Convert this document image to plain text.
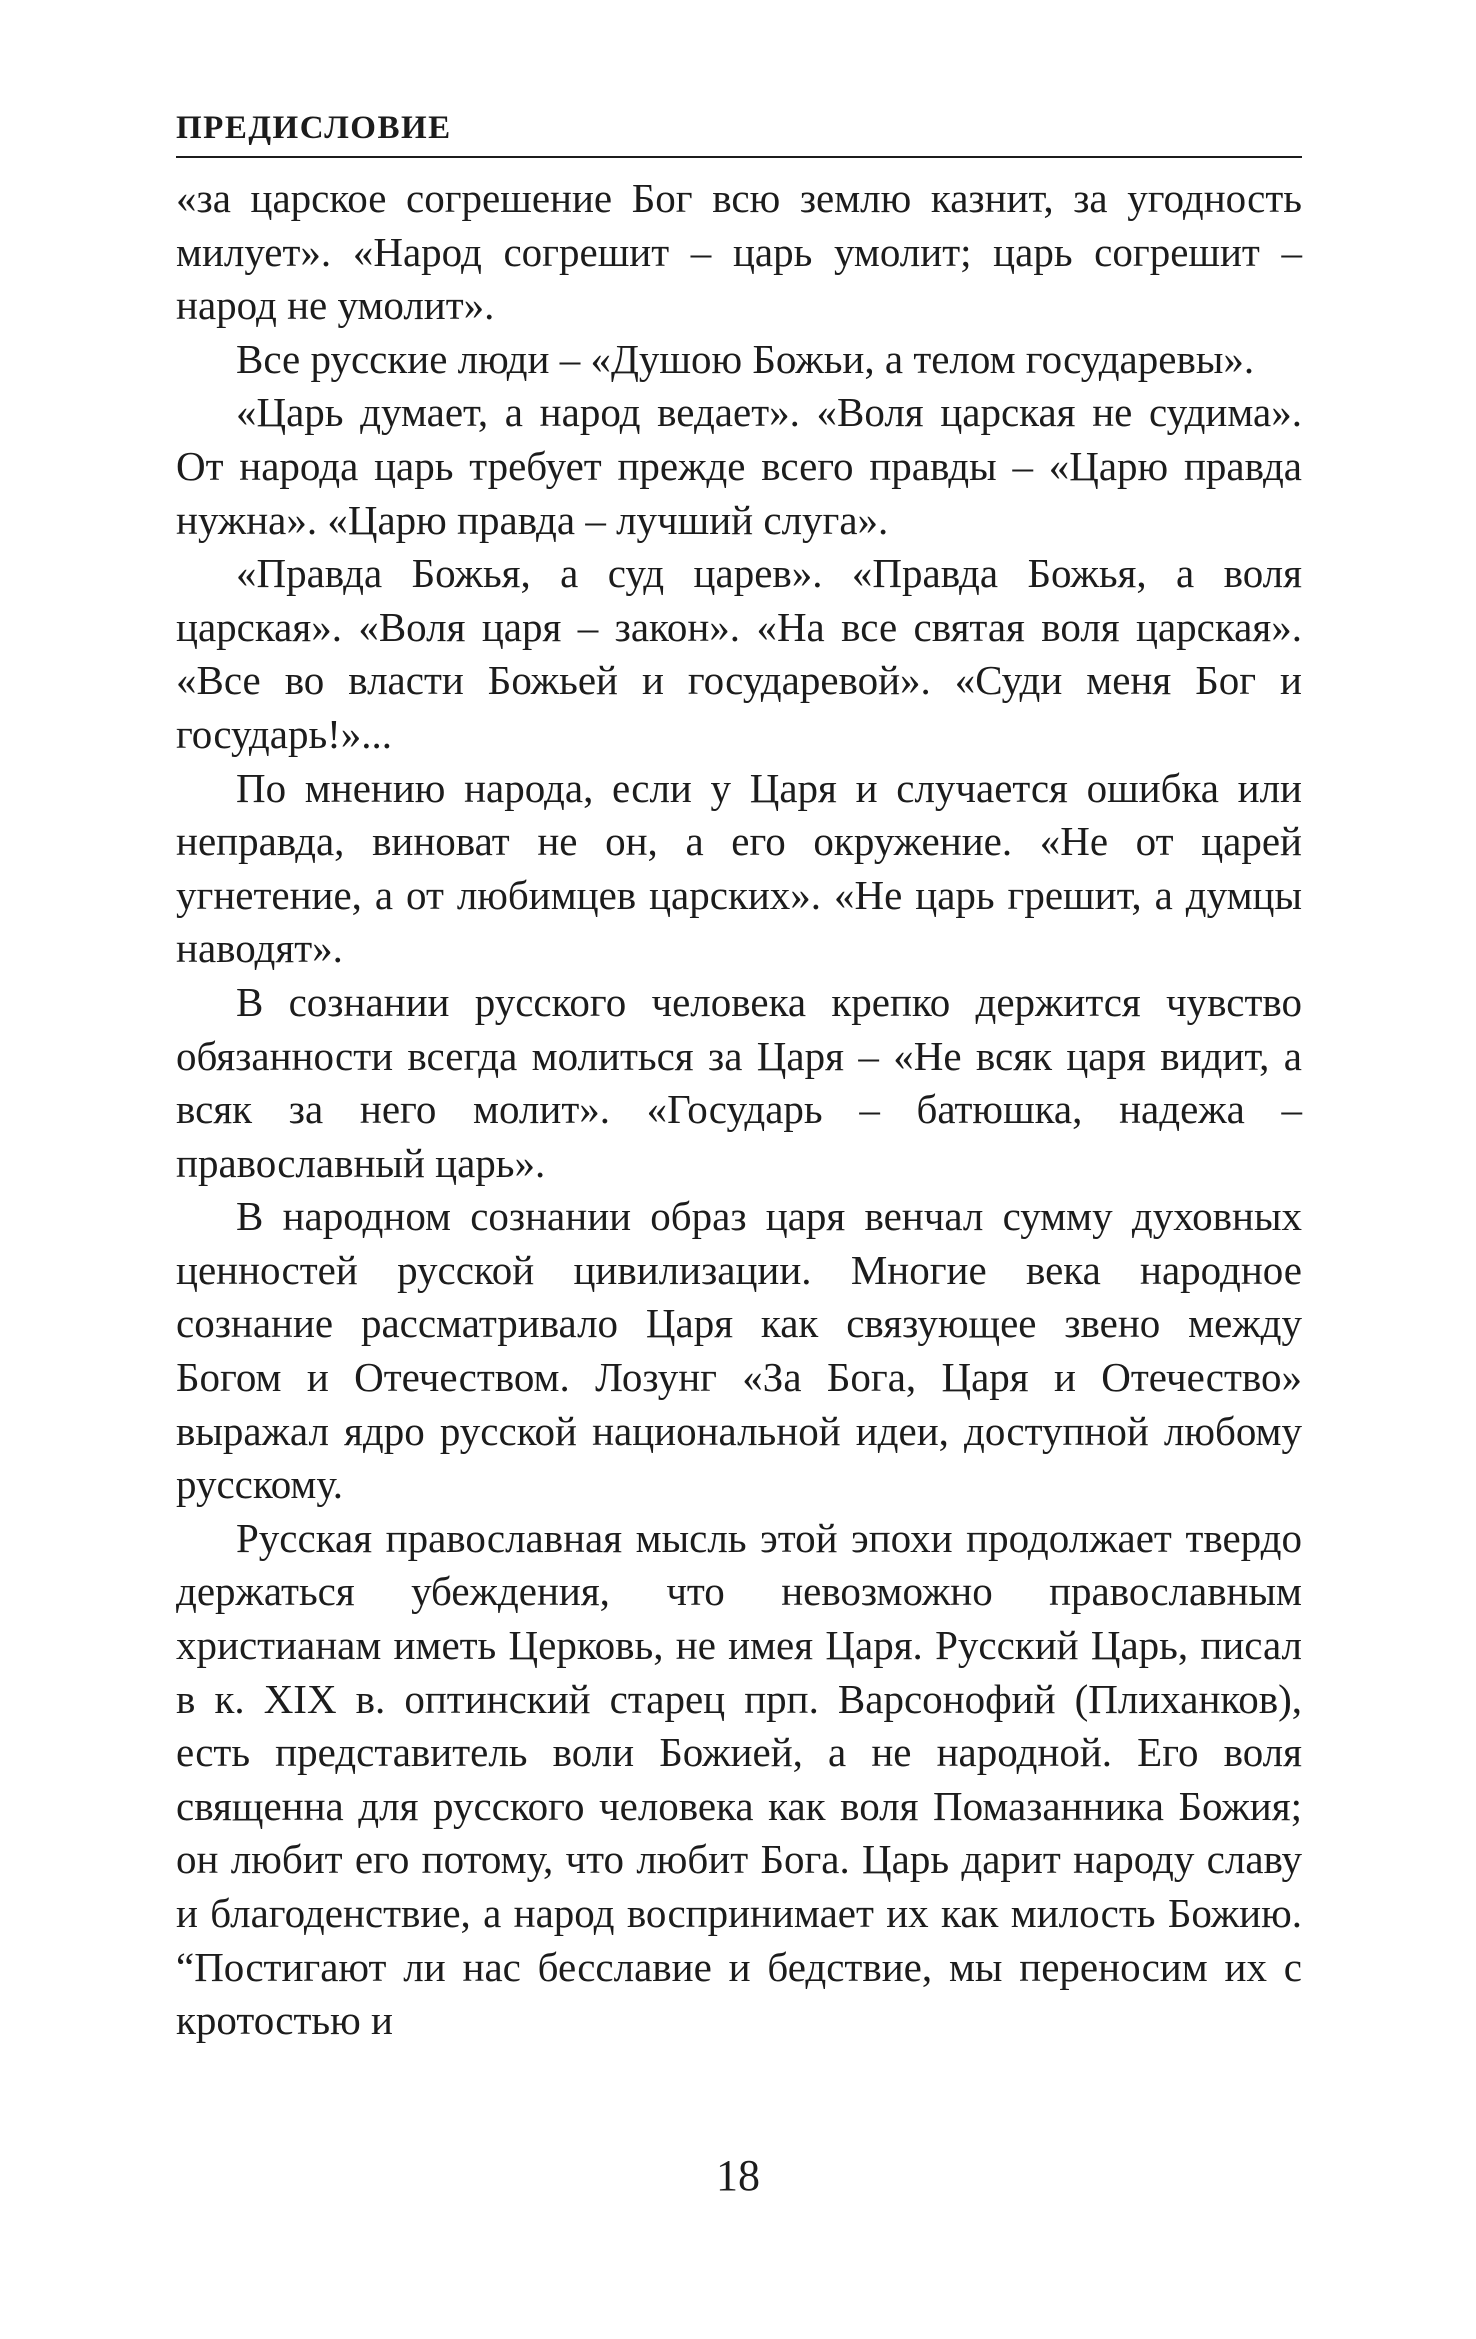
ПРЕДИСЛОВИЕ

«за царское согрешение Бог всю землю казнит, за угодность милует». «Народ согрешит – царь умолит; царь согрешит – народ не умолит».

Все русские люди – «Душою Божьи, а телом государевы».

«Царь думает, а народ ведает». «Воля царская не судима». От народа царь требует прежде всего правды – «Царю правда нужна». «Царю правда – лучший слуга».

«Правда Божья, а суд царев». «Правда Божья, а воля царская». «Воля царя – закон». «На все святая воля царская». «Все во власти Божьей и государевой». «Суди меня Бог и государь!»...

По мнению народа, если у Царя и случается ошибка или неправда, виноват не он, а его окружение. «Не от царей угнетение, а от любимцев царских». «Не царь грешит, а думцы наводят».

В сознании русского человека крепко держится чувство обязанности всегда молиться за Царя – «Не всяк царя видит, а всяк за него молит». «Государь – батюшка, надежа – православный царь».

В народном сознании образ царя венчал сумму духовных ценностей русской цивилизации. Многие века народное сознание рассматривало Царя как связующее звено между Богом и Отечеством. Лозунг «За Бога, Царя и Отечество» выражал ядро русской национальной идеи, доступной любому русскому.

Русская православная мысль этой эпохи продолжает твердо держаться убеждения, что невозможно православным христианам иметь Церковь, не имея Царя. Русский Царь, писал в к. XIX в. оптинский старец прп. Варсонофий (Плиханков), есть представитель воли Божией, а не народной. Его воля священна для русского человека как воля Помазанника Божия; он любит его потому, что любит Бога. Царь дарит народу славу и благоденствие, а народ воспринимает их как милость Божию. “Постигают ли нас бесславие и бедствие, мы переносим их с кротостью и

18
